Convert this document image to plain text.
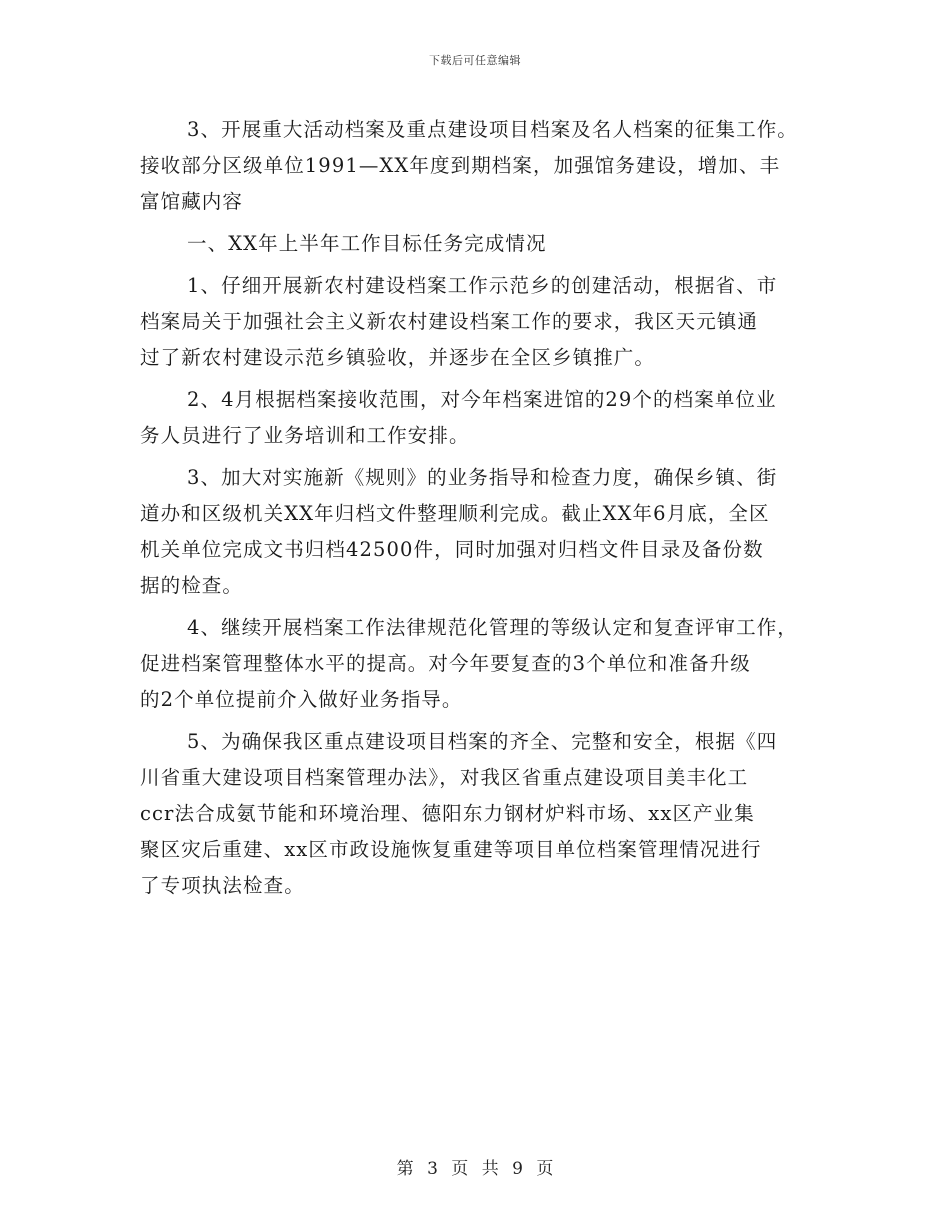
下载后可任意编辑

3、开展重大活动档案及重点建设项目档案及名人档案的征集工作。
接收部分区级单位1991—XX年度到期档案，加强馆务建设，增加、丰
富馆藏内容

一、XX年上半年工作目标任务完成情况

1、仔细开展新农村建设档案工作示范乡的创建活动，根据省、市
档案局关于加强社会主义新农村建设档案工作的要求，我区天元镇通
过了新农村建设示范乡镇验收，并逐步在全区乡镇推广。

2、4月根据档案接收范围，对今年档案进馆的29个的档案单位业
务人员进行了业务培训和工作安排。

3、加大对实施新《规则》的业务指导和检查力度，确保乡镇、街
道办和区级机关XX年归档文件整理顺利完成。截止XX年6月底，全区
机关单位完成文书归档42500件，同时加强对归档文件目录及备份数
据的检查。

4、继续开展档案工作法律规范化管理的等级认定和复查评审工作，
促进档案管理整体水平的提高。对今年要复查的3个单位和准备升级
的2个单位提前介入做好业务指导。

5、为确保我区重点建设项目档案的齐全、完整和安全，根据《四
川省重大建设项目档案管理办法》，对我区省重点建设项目美丰化工
ccr法合成氨节能和环境治理、德阳东力钢材炉料市场、xx区产业集
聚区灾后重建、xx区市政设施恢复重建等项目单位档案管理情况进行
了专项执法检查。

第 3 页 共 9 页
